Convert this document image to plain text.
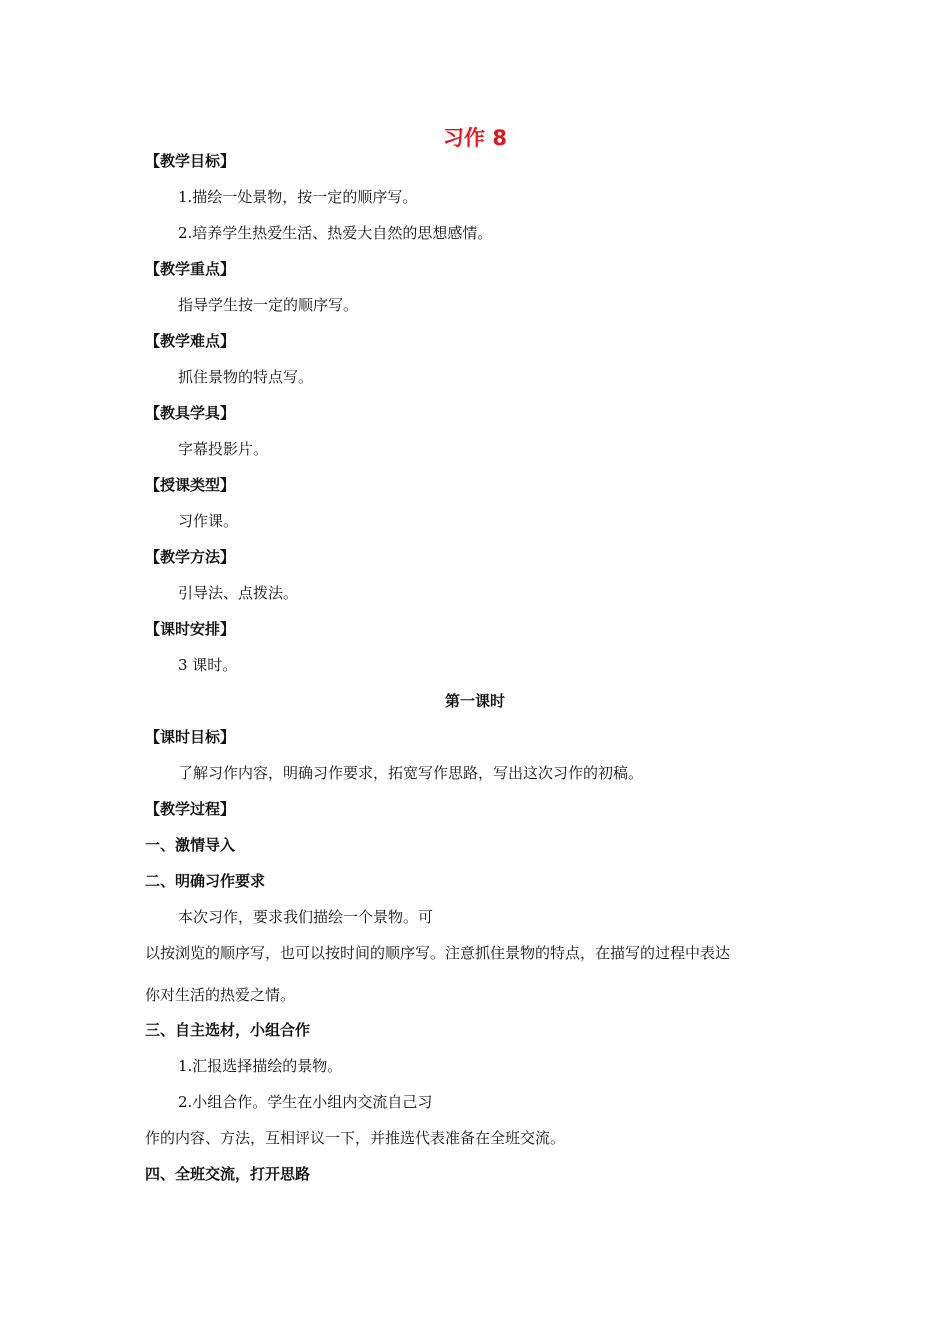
习作 8
【教学目标】
1.描绘一处景物，按一定的顺序写。
2.培养学生热爱生活、热爱大自然的思想感情。
【教学重点】
指导学生按一定的顺序写。
【教学难点】
抓住景物的特点写。
【教具学具】
字幕投影片。
【授课类型】
习作课。
【教学方法】
引导法、点拨法。
【课时安排】
3 课时。
第一课时
【课时目标】
了解习作内容，明确习作要求，拓宽写作思路，写出这次习作的初稿。
【教学过程】
一、激情导入
二、明确习作要求
本次习作，要求我们描绘一个景物。可
以按浏览的顺序写，也可以按时间的顺序写。注意抓住景物的特点，在描写的过程中表达
你对生活的热爱之情。
三、自主选材，小组合作
1.汇报选择描绘的景物。
2.小组合作。学生在小组内交流自己习
作的内容、方法，互相评议一下，并推选代表准备在全班交流。
四、全班交流，打开思路
